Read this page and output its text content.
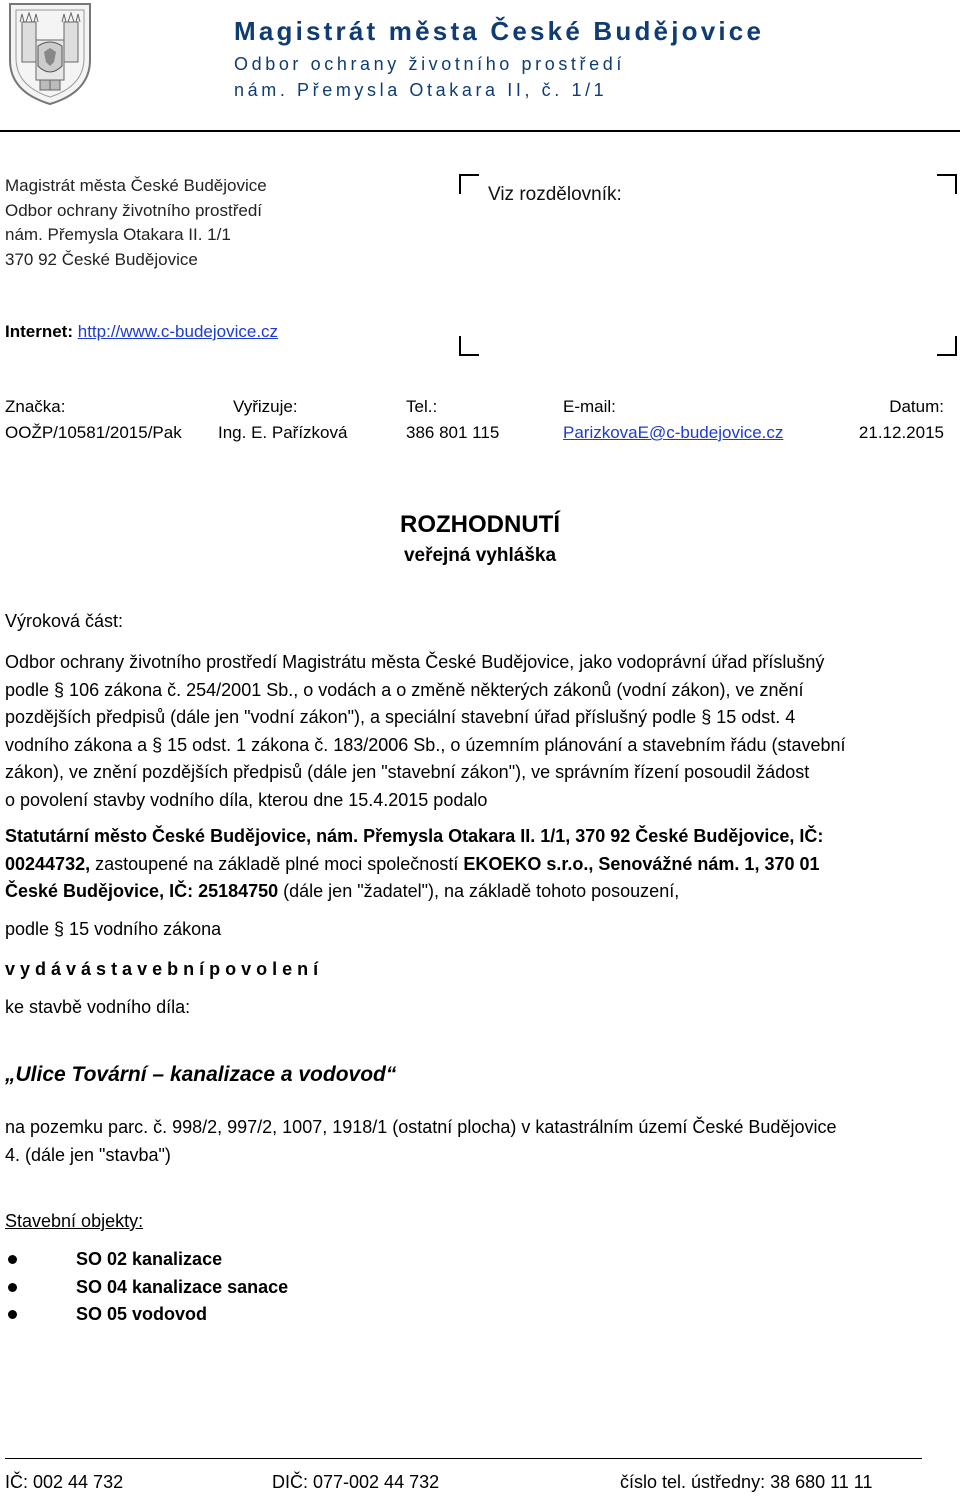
Magistrát města České Budějovice
Odbor ochrany životního prostředí
nám. Přemysla Otakara II, č. 1/1
Magistrát města České Budějovice
Odbor ochrany životního prostředí
nám. Přemysla Otakara II. 1/1
370 92 České Budějovice
Viz rozdělovník:
Internet: http://www.c-budejovice.cz
Značka:
OOŽP/10581/2015/Pak
Vyřizuje:
Ing. E. Pařízková
Tel.:
386 801 115
E-mail:
ParizkovaE@c-budejovice.cz
Datum:
21.12.2015
ROZHODNUTÍ
veřejná vyhláška
Výroková část:
Odbor ochrany životního prostředí Magistrátu města České Budějovice, jako vodoprávní úřad příslušný
podle § 106 zákona č. 254/2001 Sb., o vodách a o změně některých zákonů (vodní zákon), ve znění
pozdějších předpisů (dále jen "vodní zákon"), a speciální stavební úřad příslušný podle § 15 odst. 4
vodního zákona a § 15 odst. 1 zákona č. 183/2006 Sb., o územním plánování a stavebním řádu (stavební
zákon), ve znění pozdějších předpisů (dále jen "stavební zákon"), ve správním řízení posoudil žádost
o povolení stavby vodního díla, kterou dne 15.4.2015 podalo
Statutární město České Budějovice, nám. Přemysla Otakara II. 1/1, 370 92 České Budějovice, IČ:
00244732, zastoupené na základě plné moci společností EKOEKO s.r.o., Senovážné nám. 1, 370 01
České Budějovice, IČ: 25184750 (dále jen "žadatel"), na základě tohoto posouzení,
podle § 15 vodního zákona
v y d á v á s t a v e b n í p o v o l e n í
ke stavbě vodního díla:
„Ulice Tovární – kanalizace a vodovod“
na pozemku parc. č. 998/2, 997/2, 1007, 1918/1 (ostatní plocha) v katastrálním území České Budějovice
4. (dále jen "stavba")
Stavební objekty:
SO 02 kanalizace
SO 04 kanalizace sanace
SO 05 vodovod
IČ: 002 44 732	DIČ: 077-002 44 732	číslo tel. ústředny: 38 680 11 11
